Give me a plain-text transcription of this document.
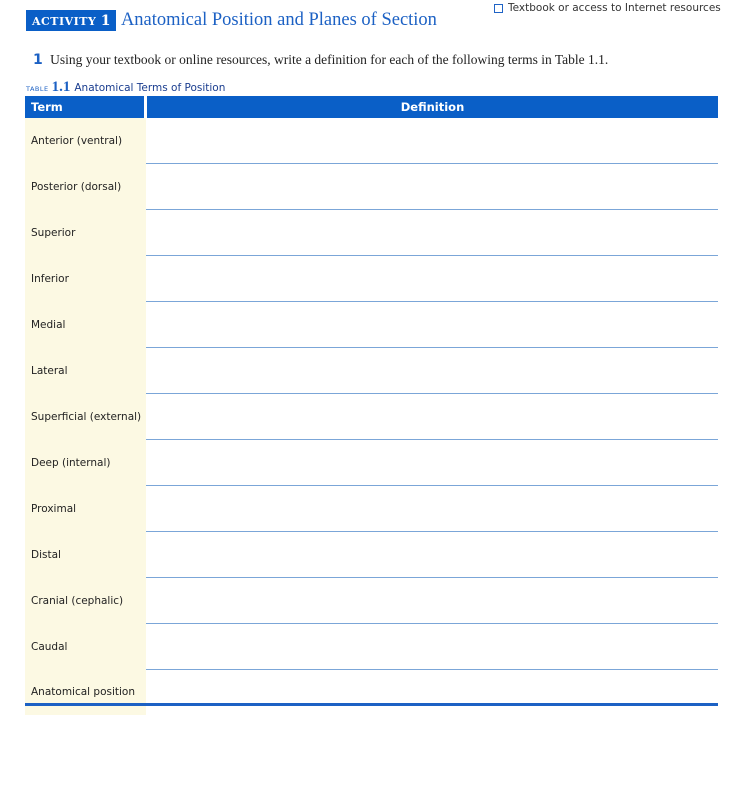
Textbook or access to Internet resources
ACTIVITY 1 Anatomical Position and Planes of Section
1 Using your textbook or online resources, write a definition for each of the following terms in Table 1.1.
TABLE 1.1 Anatomical Terms of Position
Term	Definition
Anterior (ventral)	
Posterior (dorsal)	
Superior	
Inferior	
Medial	
Lateral	
Superficial (external)	
Deep (internal)	
Proximal	
Distal	
Cranial (cephalic)	
Caudal	
Anatomical position	
